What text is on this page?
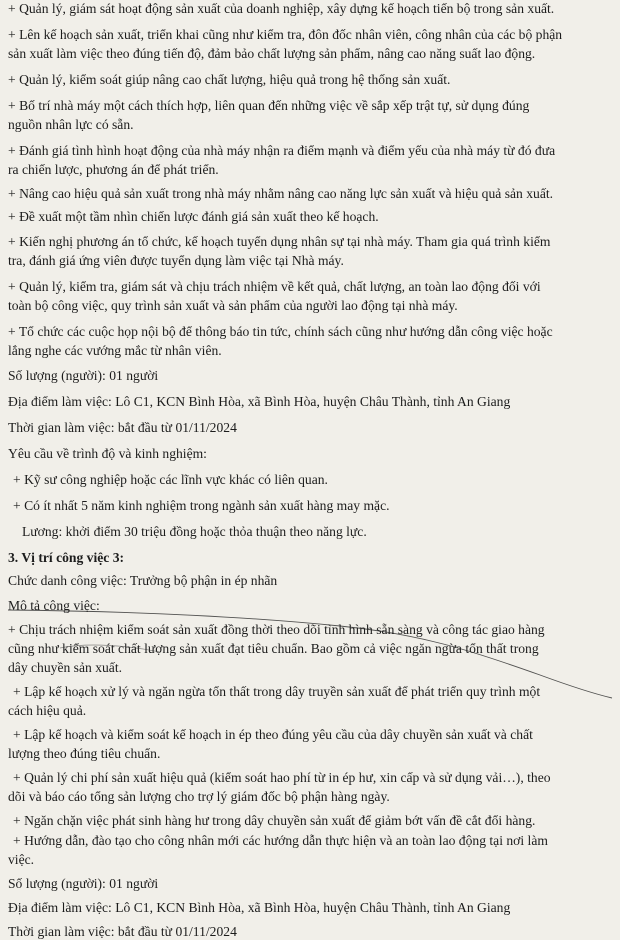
+ Quản lý, giám sát hoạt động sản xuất của doanh nghiệp, xây dựng kế hoạch tiến bộ trong sản xuất.
+ Lên kế hoạch sản xuất, triển khai cũng như kiểm tra, đôn đốc nhân viên, công nhân của các bộ phận
sản xuất làm việc theo đúng tiến độ, đảm bảo chất lượng sản phẩm, nâng cao năng suất lao động.
+ Quản lý, kiểm soát giúp nâng cao chất lượng, hiệu quả trong hệ thống sản xuất.
+ Bố trí nhà máy một cách thích hợp, liên quan đến những việc về sắp xếp trật tự, sử dụng đúng
nguồn nhân lực có sẵn.
+ Đánh giá tình hình hoạt động của nhà máy nhận ra điểm mạnh và điểm yếu của nhà máy từ đó đưa
ra chiến lược, phương án để phát triển.
+ Nâng cao hiệu quả sản xuất trong nhà máy nhằm nâng cao năng lực sản xuất và hiệu quả sản xuất.
+ Đề xuất một tầm nhìn chiến lược đánh giá sản xuất theo kế hoạch.
+ Kiến nghị phương án tổ chức, kế hoạch tuyển dụng nhân sự tại nhà máy. Tham gia quá trình kiểm
tra, đánh giá ứng viên được tuyển dụng làm việc tại Nhà máy.
+ Quản lý, kiểm tra, giám sát và chịu trách nhiệm về kết quả, chất lượng, an toàn lao động đối với
toàn bộ công việc, quy trình sản xuất và sản phẩm của người lao động tại nhà máy.
+ Tổ chức các cuộc họp nội bộ để thông báo tin tức, chính sách cũng như hướng dẫn công việc hoặc
lắng nghe các vướng mắc từ nhân viên.
Số lượng (người): 01 người
Địa điểm làm việc: Lô C1, KCN Bình Hòa, xã Bình Hòa, huyện Châu Thành, tỉnh An Giang
Thời gian làm việc: bắt đầu từ 01/11/2024
Yêu cầu về trình độ và kinh nghiệm:
+ Kỹ sư công nghiệp hoặc các lĩnh vực khác có liên quan.
+ Có ít nhất 5 năm kinh nghiệm trong ngành sản xuất hàng may mặc.
Lương: khởi điểm 30 triệu đồng hoặc thỏa thuận theo năng lực.
3. Vị trí công việc 3:
Chức danh công việc: Trưởng bộ phận in ép nhãn
Mô tả công việc:
+ Chịu trách nhiệm kiểm soát sản xuất đồng thời theo dõi tình hình sẵn sàng và công tác giao hàng
cũng như kiểm soát chất lượng sản xuất đạt tiêu chuẩn. Bao gồm cả việc ngăn ngừa tổn thất trong
dây chuyền sản xuất.
+ Lập kế hoạch xử lý và ngăn ngừa tổn thất trong dây truyền sản xuất để phát triển quy trình một
cách hiệu quả.
+ Lập kế hoạch và kiểm soát kế hoạch in ép theo đúng yêu cầu của dây chuyền sản xuất và chất
lượng theo đúng tiêu chuẩn.
+ Quản lý chi phí sản xuất hiệu quả (kiểm soát hao phí từ in ép hư, xin cấp và sử dụng vải…), theo
dõi và báo cáo tổng sản lượng cho trợ lý giám đốc bộ phận hàng ngày.
+ Ngăn chặn việc phát sinh hàng hư trong dây chuyền sản xuất để giảm bớt vấn đề cắt đổi hàng.
+ Hướng dẫn, đào tạo cho công nhân mới các hướng dẫn thực hiện và an toàn lao động tại nơi làm
việc.
Số lượng (người): 01 người
Địa điểm làm việc: Lô C1, KCN Bình Hòa, xã Bình Hòa, huyện Châu Thành, tỉnh An Giang
Thời gian làm việc: bắt đầu từ 01/11/2024
